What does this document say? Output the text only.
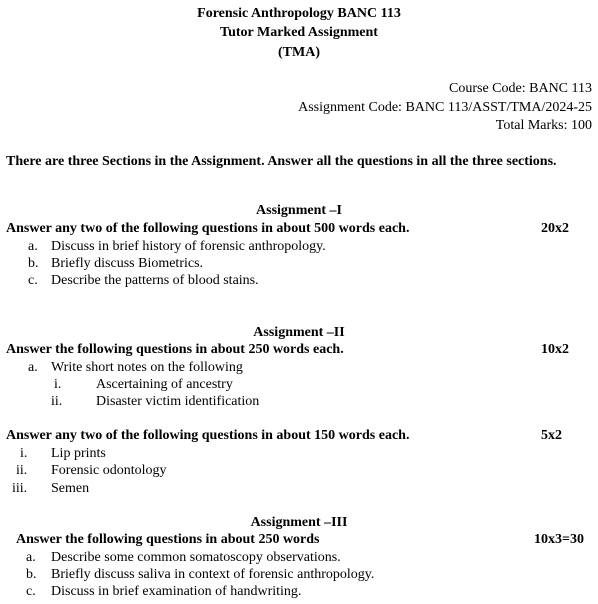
Forensic Anthropology BANC 113
Tutor Marked Assignment
(TMA)
Course Code: BANC 113
Assignment Code: BANC 113/ASST/TMA/2024-25
Total Marks: 100
There are three Sections in the Assignment. Answer all the questions in all the three sections.
Assignment –I
Answer any two of the following questions in about 500 words each.	20x2
a. Discuss in brief history of forensic anthropology.
b. Briefly discuss Biometrics.
c. Describe the patterns of blood stains.
Assignment –II
Answer the following questions in about 250 words each.	10x2
a. Write short notes on the following
i. Ascertaining of ancestry
ii. Disaster victim identification
Answer any two of the following questions in about 150 words each.	5x2
i. Lip prints
ii. Forensic odontology
iii. Semen
Assignment –III
Answer the following questions in about 250 words	10x3=30
a. Describe some common somatoscopy observations.
b. Briefly discuss saliva in context of forensic anthropology.
c. Discuss in brief examination of handwriting.
